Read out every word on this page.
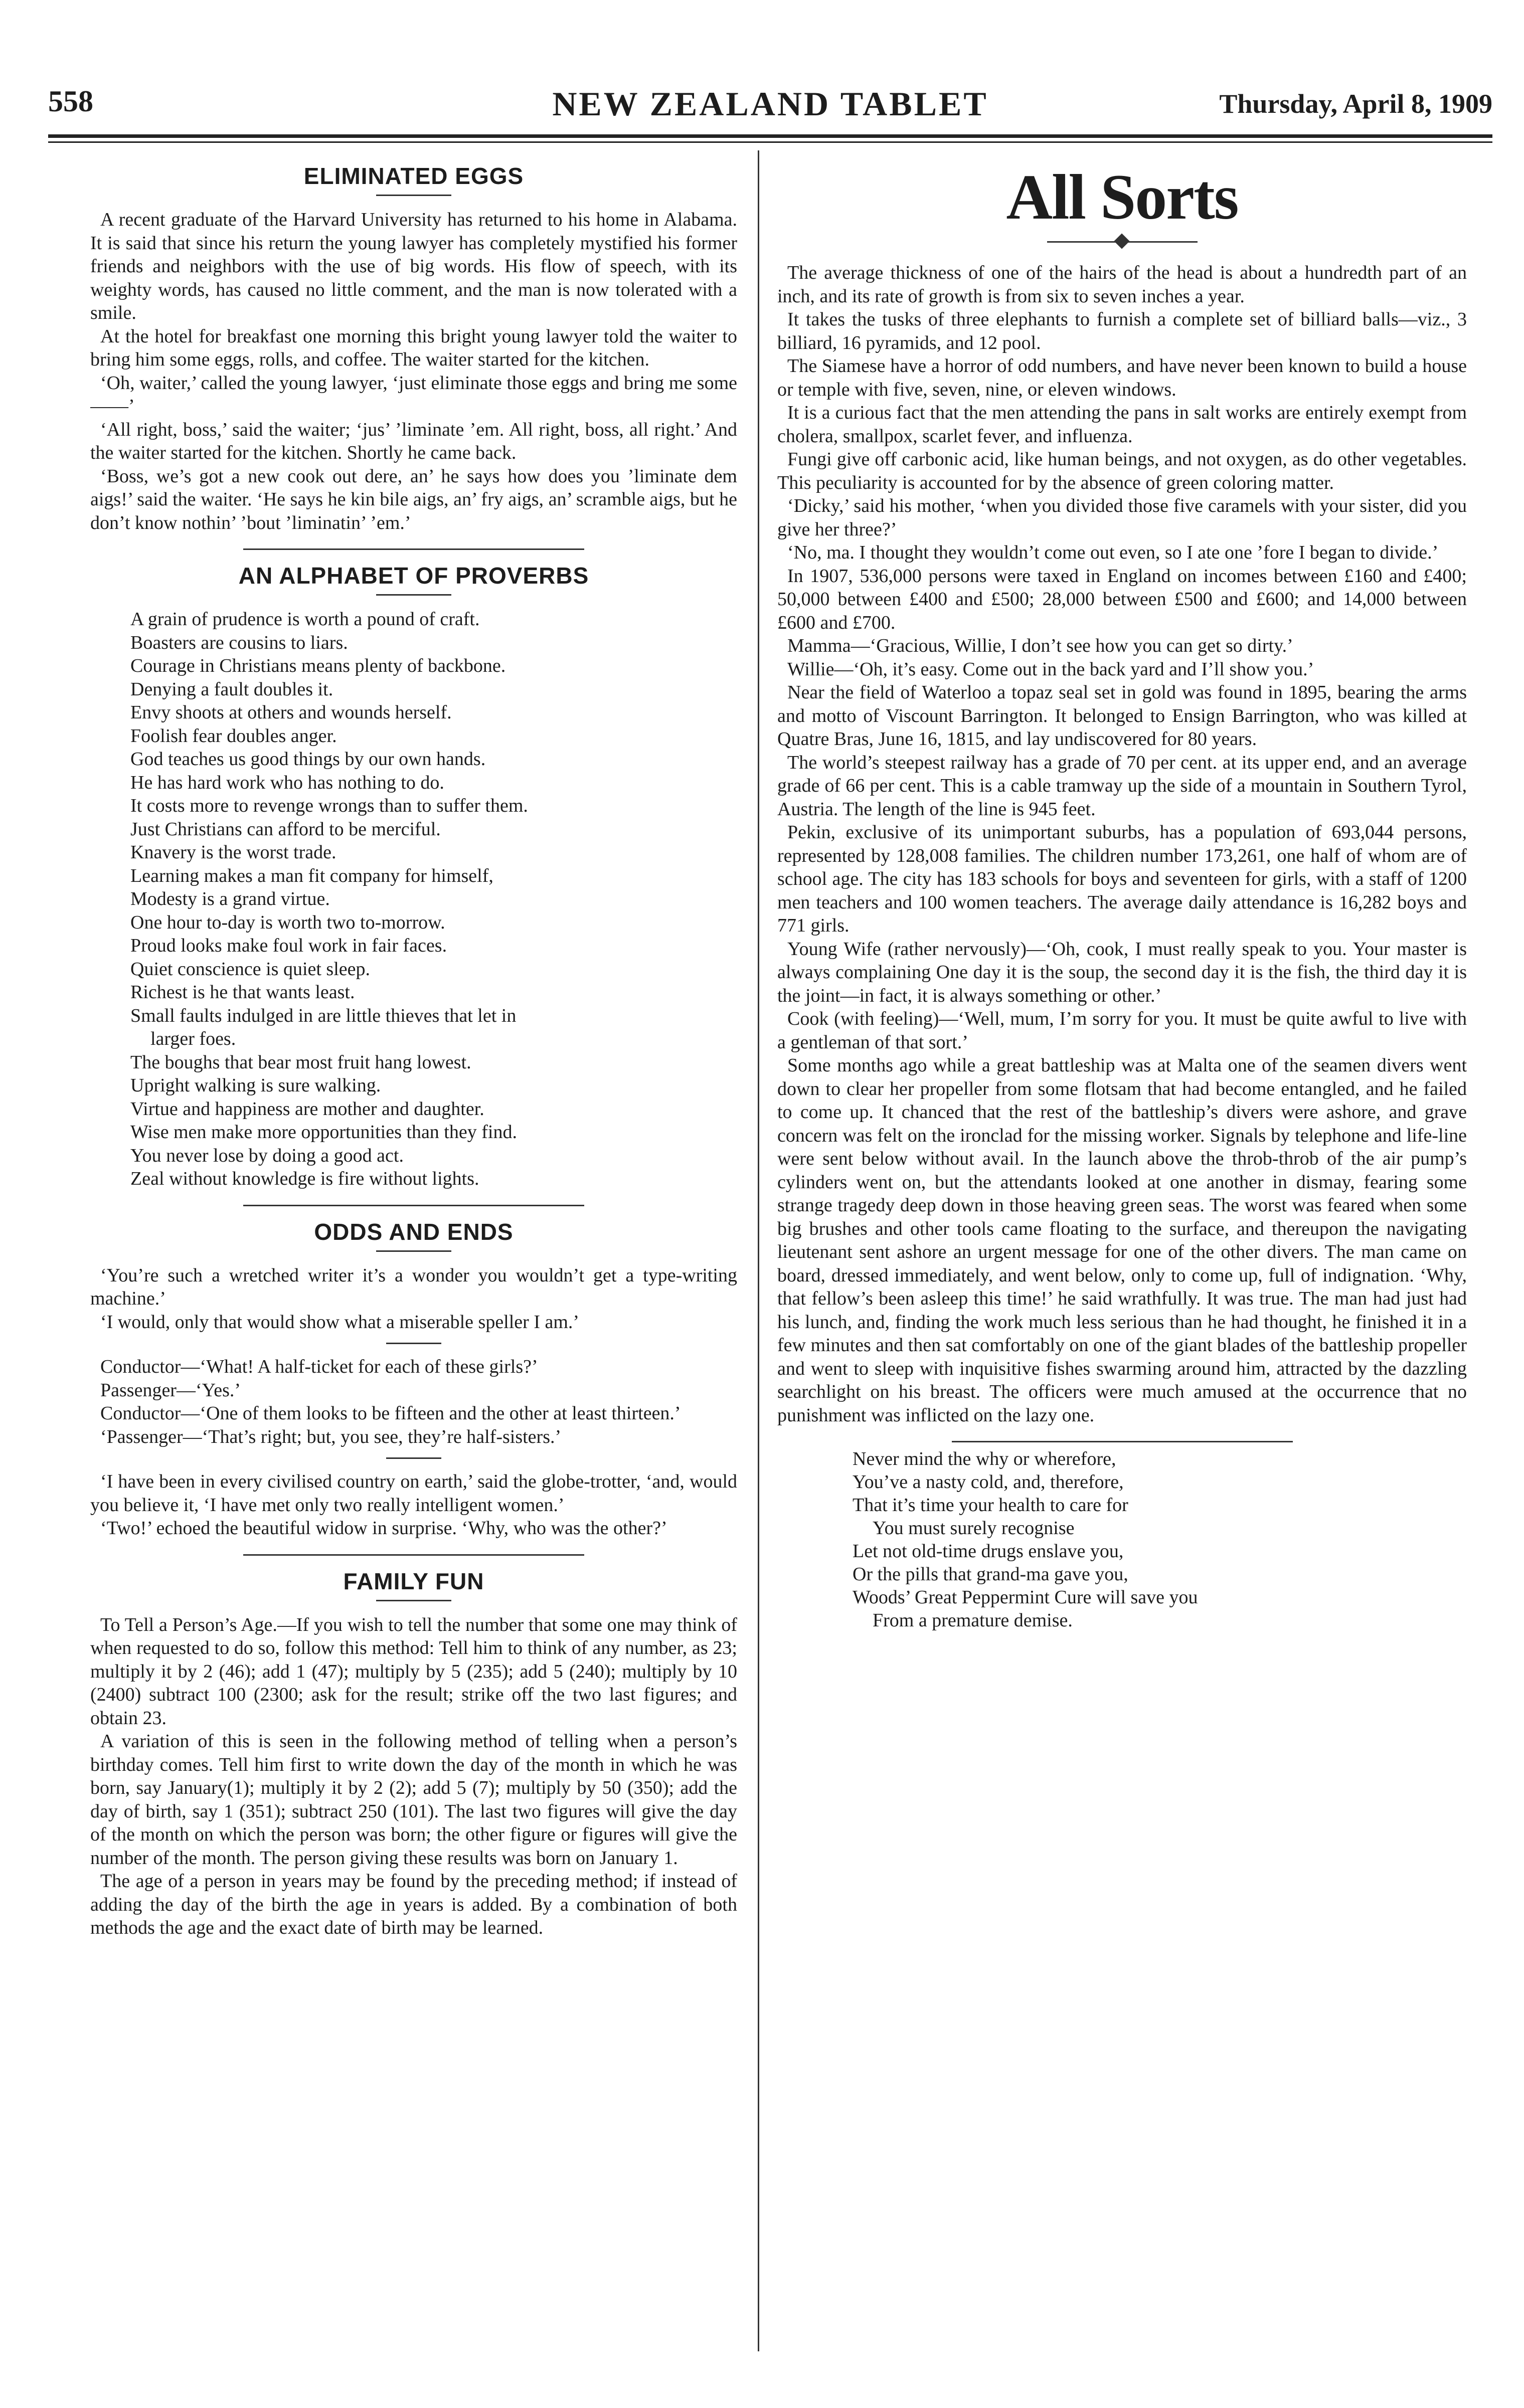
558	NEW ZEALAND TABLET	Thursday, April 8, 1909
ELIMINATED EGGS

A recent graduate of the Harvard University has returned to his home in Alabama. It is said that since his return the young lawyer has completely mystified his former friends and neighbors with the use of big words. His flow of speech, with its weighty words, has caused no little comment, and the man is now tolerated with a smile.

At the hotel for breakfast one morning this bright young lawyer told the waiter to bring him some eggs, rolls, and coffee. The waiter started for the kitchen.

‘Oh, waiter,’ called the young lawyer, ‘just eliminate those eggs and bring me some——’

‘All right, boss,’ said the waiter; ‘jus’ ’liminate ’em. All right, boss, all right.’ And the waiter started for the kitchen. Shortly he came back.

‘Boss, we’s got a new cook out dere, an’ he says how does you ’liminate dem aigs!’ said the waiter. ‘He says he kin bile aigs, an’ fry aigs, an’ scramble aigs, but he don’t know nothin’ ’bout ’liminatin’ ’em.’

AN ALPHABET OF PROVERBS
A grain of prudence is worth a pound of craft.
Boasters are cousins to liars.
Courage in Christians means plenty of backbone.
Denying a fault doubles it.
Envy shoots at others and wounds herself.
Foolish fear doubles anger.
God teaches us good things by our own hands.
He has hard work who has nothing to do.
It costs more to revenge wrongs than to suffer them.
Just Christians can afford to be merciful.
Knavery is the worst trade.
Learning makes a man fit company for himself,
Modesty is a grand virtue.
One hour to-day is worth two to-morrow.
Proud looks make foul work in fair faces.
Quiet conscience is quiet sleep.
Richest is he that wants least.
Small faults indulged in are little thieves that let in
larger foes.
The boughs that bear most fruit hang lowest.
Upright walking is sure walking.
Virtue and happiness are mother and daughter.
Wise men make more opportunities than they find.
You never lose by doing a good act.
Zeal without knowledge is fire without lights.
ODDS AND ENDS

‘You’re such a wretched writer it’s a wonder you wouldn’t get a type-writing machine.’

‘I would, only that would show what a miserable speller I am.’

Conductor—‘What! A half-ticket for each of these girls?’

Passenger—‘Yes.’

Conductor—‘One of them looks to be fifteen and the other at least thirteen.’

‘Passenger—‘That’s right; but, you see, they’re half-sisters.’

‘I have been in every civilised country on earth,’ said the globe-trotter, ‘and, would you believe it, ‘I have met only two really intelligent women.’

‘Two!’ echoed the beautiful widow in surprise. ‘Why, who was the other?’

FAMILY FUN

To Tell a Person’s Age.—If you wish to tell the number that some one may think of when requested to do so, follow this method: Tell him to think of any number, as 23; multiply it by 2 (46); add 1 (47); multiply by 5 (235); add 5 (240); multiply by 10 (2400) subtract 100 (2300; ask for the result; strike off the two last figures; and obtain 23.

A variation of this is seen in the following method of telling when a person’s birthday comes. Tell him first to write down the day of the month in which he was born, say January(1); multiply it by 2 (2); add 5 (7); multiply by 50 (350); add the day of birth, say 1 (351); subtract 250 (101). The last two figures will give the day of the month on which the person was born; the other figure or figures will give the number of the month. The person giving these results was born on January 1.

The age of a person in years may be found by the preceding method; if instead of adding the day of the birth the age in years is added. By a combination of both methods the age and the exact date of birth may be learned.

All Sorts

The average thickness of one of the hairs of the head is about a hundredth part of an inch, and its rate of growth is from six to seven inches a year.

It takes the tusks of three elephants to furnish a complete set of billiard balls—viz., 3 billiard, 16 pyramids, and 12 pool.

The Siamese have a horror of odd numbers, and have never been known to build a house or temple with five, seven, nine, or eleven windows.

It is a curious fact that the men attending the pans in salt works are entirely exempt from cholera, smallpox, scarlet fever, and influenza.

Fungi give off carbonic acid, like human beings, and not oxygen, as do other vegetables. This peculiarity is accounted for by the absence of green coloring matter.

‘Dicky,’ said his mother, ‘when you divided those five caramels with your sister, did you give her three?’

‘No, ma. I thought they wouldn’t come out even, so I ate one ’fore I began to divide.’

In 1907, 536,000 persons were taxed in England on incomes between £160 and £400; 50,000 between £400 and £500; 28,000 between £500 and £600; and 14,000 between £600 and £700.

Mamma—‘Gracious, Willie, I don’t see how you can get so dirty.’

Willie—‘Oh, it’s easy. Come out in the back yard and I’ll show you.’

Near the field of Waterloo a topaz seal set in gold was found in 1895, bearing the arms and motto of Viscount Barrington. It belonged to Ensign Barrington, who was killed at Quatre Bras, June 16, 1815, and lay undiscovered for 80 years.

The world’s steepest railway has a grade of 70 per cent. at its upper end, and an average grade of 66 per cent. This is a cable tramway up the side of a mountain in Southern Tyrol, Austria. The length of the line is 945 feet.

Pekin, exclusive of its unimportant suburbs, has a population of 693,044 persons, represented by 128,008 families. The children number 173,261, one half of whom are of school age. The city has 183 schools for boys and seventeen for girls, with a staff of 1200 men teachers and 100 women teachers. The average daily attendance is 16,282 boys and 771 girls.

Young Wife (rather nervously)—‘Oh, cook, I must really speak to you. Your master is always complaining One day it is the soup, the second day it is the fish, the third day it is the joint—in fact, it is always something or other.’

Cook (with feeling)—‘Well, mum, I’m sorry for you. It must be quite awful to live with a gentleman of that sort.’

Some months ago while a great battleship was at Malta one of the seamen divers went down to clear her propeller from some flotsam that had become entangled, and he failed to come up. It chanced that the rest of the battleship’s divers were ashore, and grave concern was felt on the ironclad for the missing worker. Signals by telephone and life-line were sent below without avail. In the launch above the throb-throb of the air pump’s cylinders went on, but the attendants looked at one another in dismay, fearing some strange tragedy deep down in those heaving green seas. The worst was feared when some big brushes and other tools came floating to the surface, and thereupon the navigating lieutenant sent ashore an urgent message for one of the other divers. The man came on board, dressed immediately, and went below, only to come up, full of indignation. ‘Why, that fellow’s been asleep this time!’ he said wrathfully. It was true. The man had just had his lunch, and, finding the work much less serious than he had thought, he finished it in a few minutes and then sat comfortably on one of the giant blades of the battleship propeller and went to sleep with inquisitive fishes swarming around him, attracted by the dazzling searchlight on his breast. The officers were much amused at the occurrence that no punishment was inflicted on the lazy one.

Never mind the why or wherefore,
You’ve a nasty cold, and, therefore,
That it’s time your health to care for
You must surely recognise
Let not old-time drugs enslave you,
Or the pills that grand-ma gave you,
Woods’ Great Peppermint Cure will save you
From a premature demise.
